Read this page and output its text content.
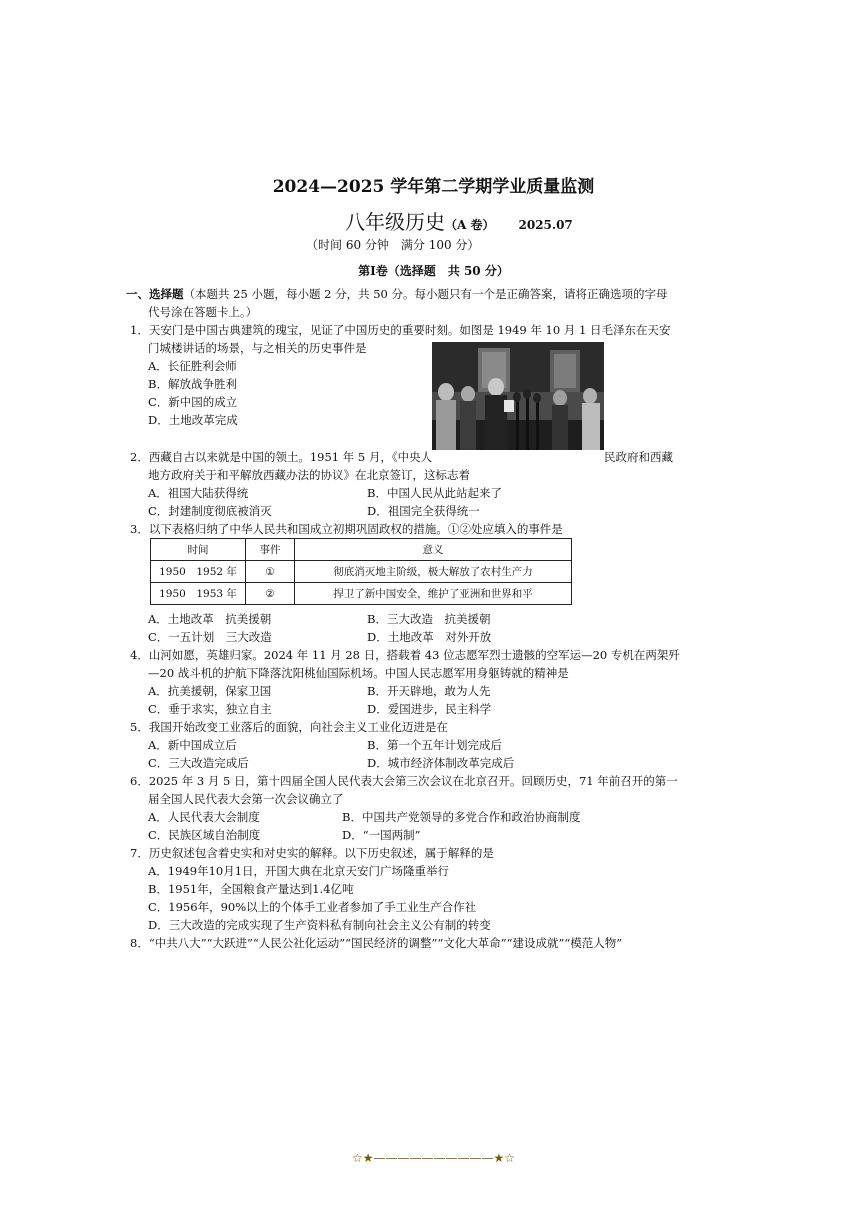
2024—2025 学年第二学期学业质量监测
八年级历史（A 卷） 2025.07
（时间 60 分钟　满分 100 分）
第Ⅰ卷（选择题　共 50 分）
一、选择题（本题共 25 小题，每小题 2 分，共 50 分。每小题只有一个是正确答案，请将正确选项的字母
代号涂在答题卡上。）
1．天安门是中国古典建筑的瑰宝，见证了中国历史的重要时刻。如图是 1949 年 10 月 1 日毛泽东在天安
门城楼讲话的场景，与之相关的历史事件是
A．长征胜利会师
B．解放战争胜利
C．新中国的成立
D．土地改革完成
2．西藏自古以来就是中国的领土。1951 年 5 月，《中央人	民政府和西藏
地方政府关于和平解放西藏办法的协议》在北京签订，这标志着
A．祖国大陆获得统	B．中国人民从此站起来了
C．封建制度彻底被消灭	D．祖国完全获得统一
3．以下表格归纳了中华人民共和国成立初期巩固政权的措施。①②处应填入的事件是
时间	事件	意义
1950　1952 年	①	彻底消灭地主阶级，极大解放了农村生产力
1950　1953 年	②	捍卫了新中国安全，维护了亚洲和世界和平
A．土地改革　抗美援朝	B．三大改造　抗美援朝
C．一五计划　三大改造	D．土地改革　对外开放
4．山河如愿，英雄归家。2024 年 11 月 28 日，搭载着 43 位志愿军烈士遗骸的空军运—20 专机在两架歼
—20 战斗机的护航下降落沈阳桃仙国际机场。中国人民志愿军用身躯铸就的精神是
A．抗美援朝，保家卫国	B．开天辟地，敢为人先
C．垂于求实，独立自主	D．爱国进步，民主科学
5．我国开始改变工业落后的面貌，向社会主义工业化迈进是在
A．新中国成立后	B．第一个五年计划完成后
C．三大改造完成后	D．城市经济体制改革完成后
6．2025 年 3 月 5 日，第十四届全国人民代表大会第三次会议在北京召开。回顾历史，71 年前召开的第一
届全国人民代表大会第一次会议确立了
A．人民代表大会制度	B．中国共产党领导的多党合作和政治协商制度
C．民族区域自治制度	D．“一国两制”
7．历史叙述包含着史实和对史实的解释。以下历史叙述，属于解释的是
A．1949年10月1日，开国大典在北京天安门广场隆重举行
B．1951年，全国粮食产量达到1.4亿吨
C．1956年，90%以上的个体手工业者参加了手工业生产合作社
D．三大改造的完成实现了生产资料私有制向社会主义公有制的转变
8．“中共八大”“大跃进”“人民公社化运动”“国民经济的调整”“文化大革命”“建设成就”“模范人物”
☆★——————————★☆
